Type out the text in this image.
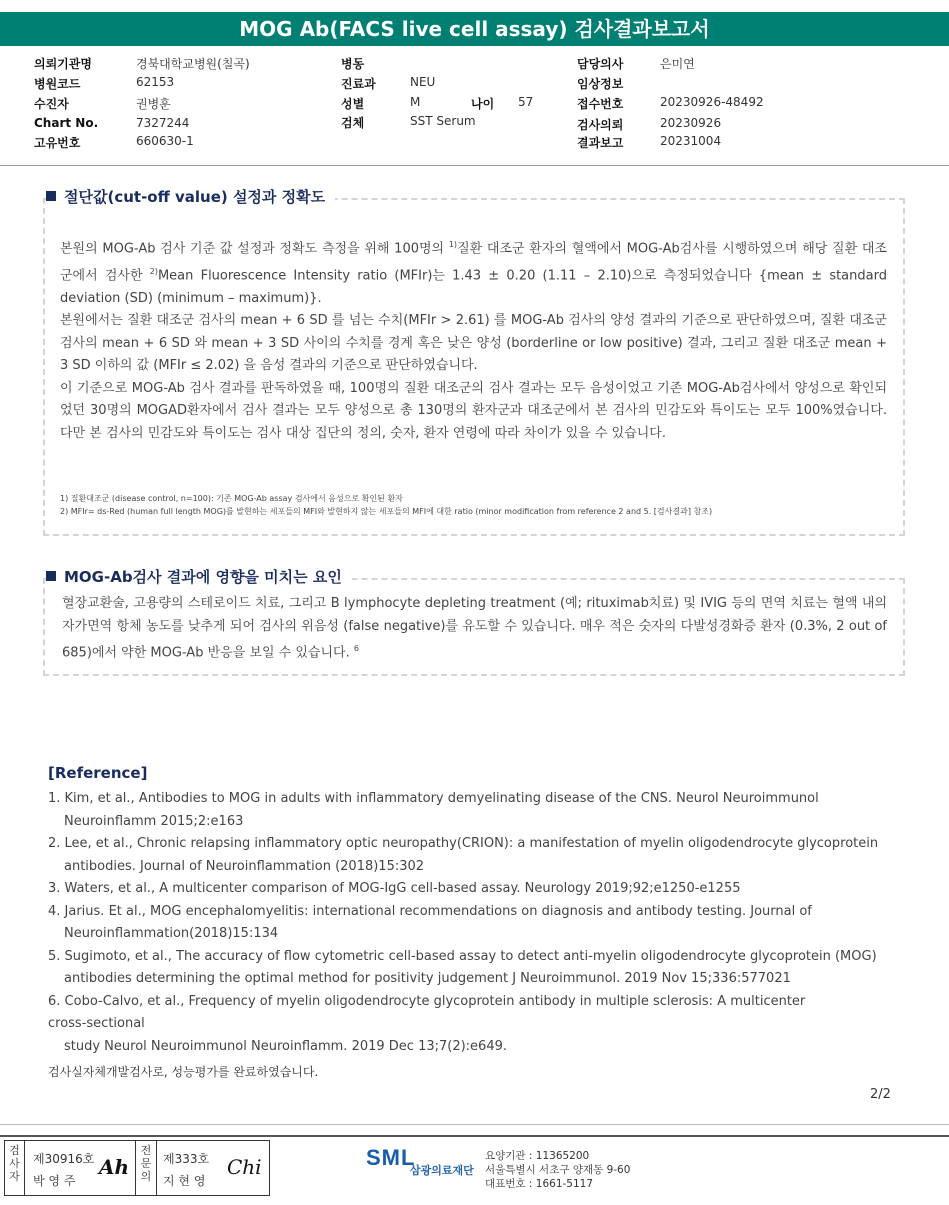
MOG Ab(FACS live cell assay) 검사결과보고서
의뢰기관명	경북대학교병원(칠곡)
병원코드	62153
수진자	권병훈
Chart No.	7327244
고유번호	660630-1
병동
진료과	NEU
성별	M	나이 57
검체	SST Serum
담당의사	은미연
임상정보
접수번호	20230926-48492
검사의뢰	20230926
결과보고	20231004
절단값(cut-off value) 설정과 정확도

본원의 MOG-Ab 검사 기준 값 설정과 정확도 측정을 위해 100명의 $^{1)}$질환 대조군 환자의 혈액에서 MOG-Ab검사를 시행하였으며 해당 질환 대조군에서 검사한 $^{2)}$Mean Fluorescence Intensity ratio (MFIr)는 1.43 ± 0.20 (1.11 – 2.10)으로 측정되었습니다 {mean ± standard deviation (SD) (minimum – maximum)}.

본원에서는 질환 대조군 검사의 mean + 6 SD 를 넘는 수치(MFIr > 2.61) 를 MOG-Ab 검사의 양성 결과의 기준으로 판단하였으며, 질환 대조군 검사의 mean + 6 SD 와 mean + 3 SD 사이의 수치를 경계 혹은 낮은 양성 (borderline or low positive) 결과, 그리고 질환 대조군 mean + 3 SD 이하의 값 (MFIr ≤ 2.02) 을 음성 결과의 기준으로 판단하였습니다.

이 기준으로 MOG-Ab 검사 결과를 판독하였을 때, 100명의 질환 대조군의 검사 결과는 모두 음성이었고 기존 MOG-Ab검사에서 양성으로 확인되었던 30명의 MOGAD환자에서 검사 결과는 모두 양성으로 총 130명의 환자군과 대조군에서 본 검사의 민감도와 특이도는 모두 100%였습니다. 다만 본 검사의 민감도와 특이도는 검사 대상 집단의 정의, 숫자, 환자 연령에 따라 차이가 있을 수 있습니다.

1) 질환대조군 (disease control, n=100): 기존 MOG-Ab assay 검사에서 음성으로 확인된 환자
2) MFIr= ds-Red (human full length MOG)를 발현하는 세포들의 MFI와 발현하지 않는 세포들의 MFI에 대한 ratio (minor modification from reference 2 and 5. [검사결과] 참조)
MOG-Ab검사 결과에 영향을 미치는 요인

혈장교환술, 고용량의 스테로이드 치료, 그리고 B lymphocyte depleting treatment (예; rituximab치료) 및 IVIG 등의 면역 치료는 혈액 내의 자가면역 항체 농도를 낮추게 되어 검사의 위음성 (false negative)를 유도할 수 있습니다. 매우 적은 숫자의 다발성경화증 환자 (0.3%, 2 out of 685)에서 약한 MOG-Ab 반응을 보일 수 있습니다. $^6$

[Reference]
1. Kim, et al., Antibodies to MOG in adults with inflammatory demyelinating disease of the CNS. Neurol Neuroimmunol
Neuroinflamm 2015;2:e163
2. Lee, et al., Chronic relapsing inflammatory optic neuropathy(CRION): a manifestation of myelin oligodendrocyte glycoprotein
antibodies. Journal of Neuroinflammation (2018)15:302
3. Waters, et al., A multicenter comparison of MOG-IgG cell-based assay. Neurology 2019;92;e1250-e1255
4. Jarius. Et al., MOG encephalomyelitis: international recommendations on diagnosis and antibody testing. Journal of
Neuroinflammation(2018)15:134
5. Sugimoto, et al., The accuracy of flow cytometric cell-based assay to detect anti-myelin oligodendrocyte glycoprotein (MOG)
antibodies determining the optimal method for positivity judgement J Neuroimmunol. 2019 Nov 15;336:577021
6. Cobo-Calvo, et al., Frequency of myelin oligodendrocyte glycoprotein antibody in multiple sclerosis: A multicenter
cross-sectional
study Neurol Neuroimmunol Neuroinflamm. 2019 Dec 13;7(2):e649.
검사실자체개발검사로, 성능평가를 완료하였습니다.
2/2
검사자
제30916호
박 영 주
Ah
전문의
제333호
지 현 영
Chi	SML
삼광의료재단
요양기관 : 11365200
서울특별시 서초구 양재동 9-60
대표번호 : 1661-5117
